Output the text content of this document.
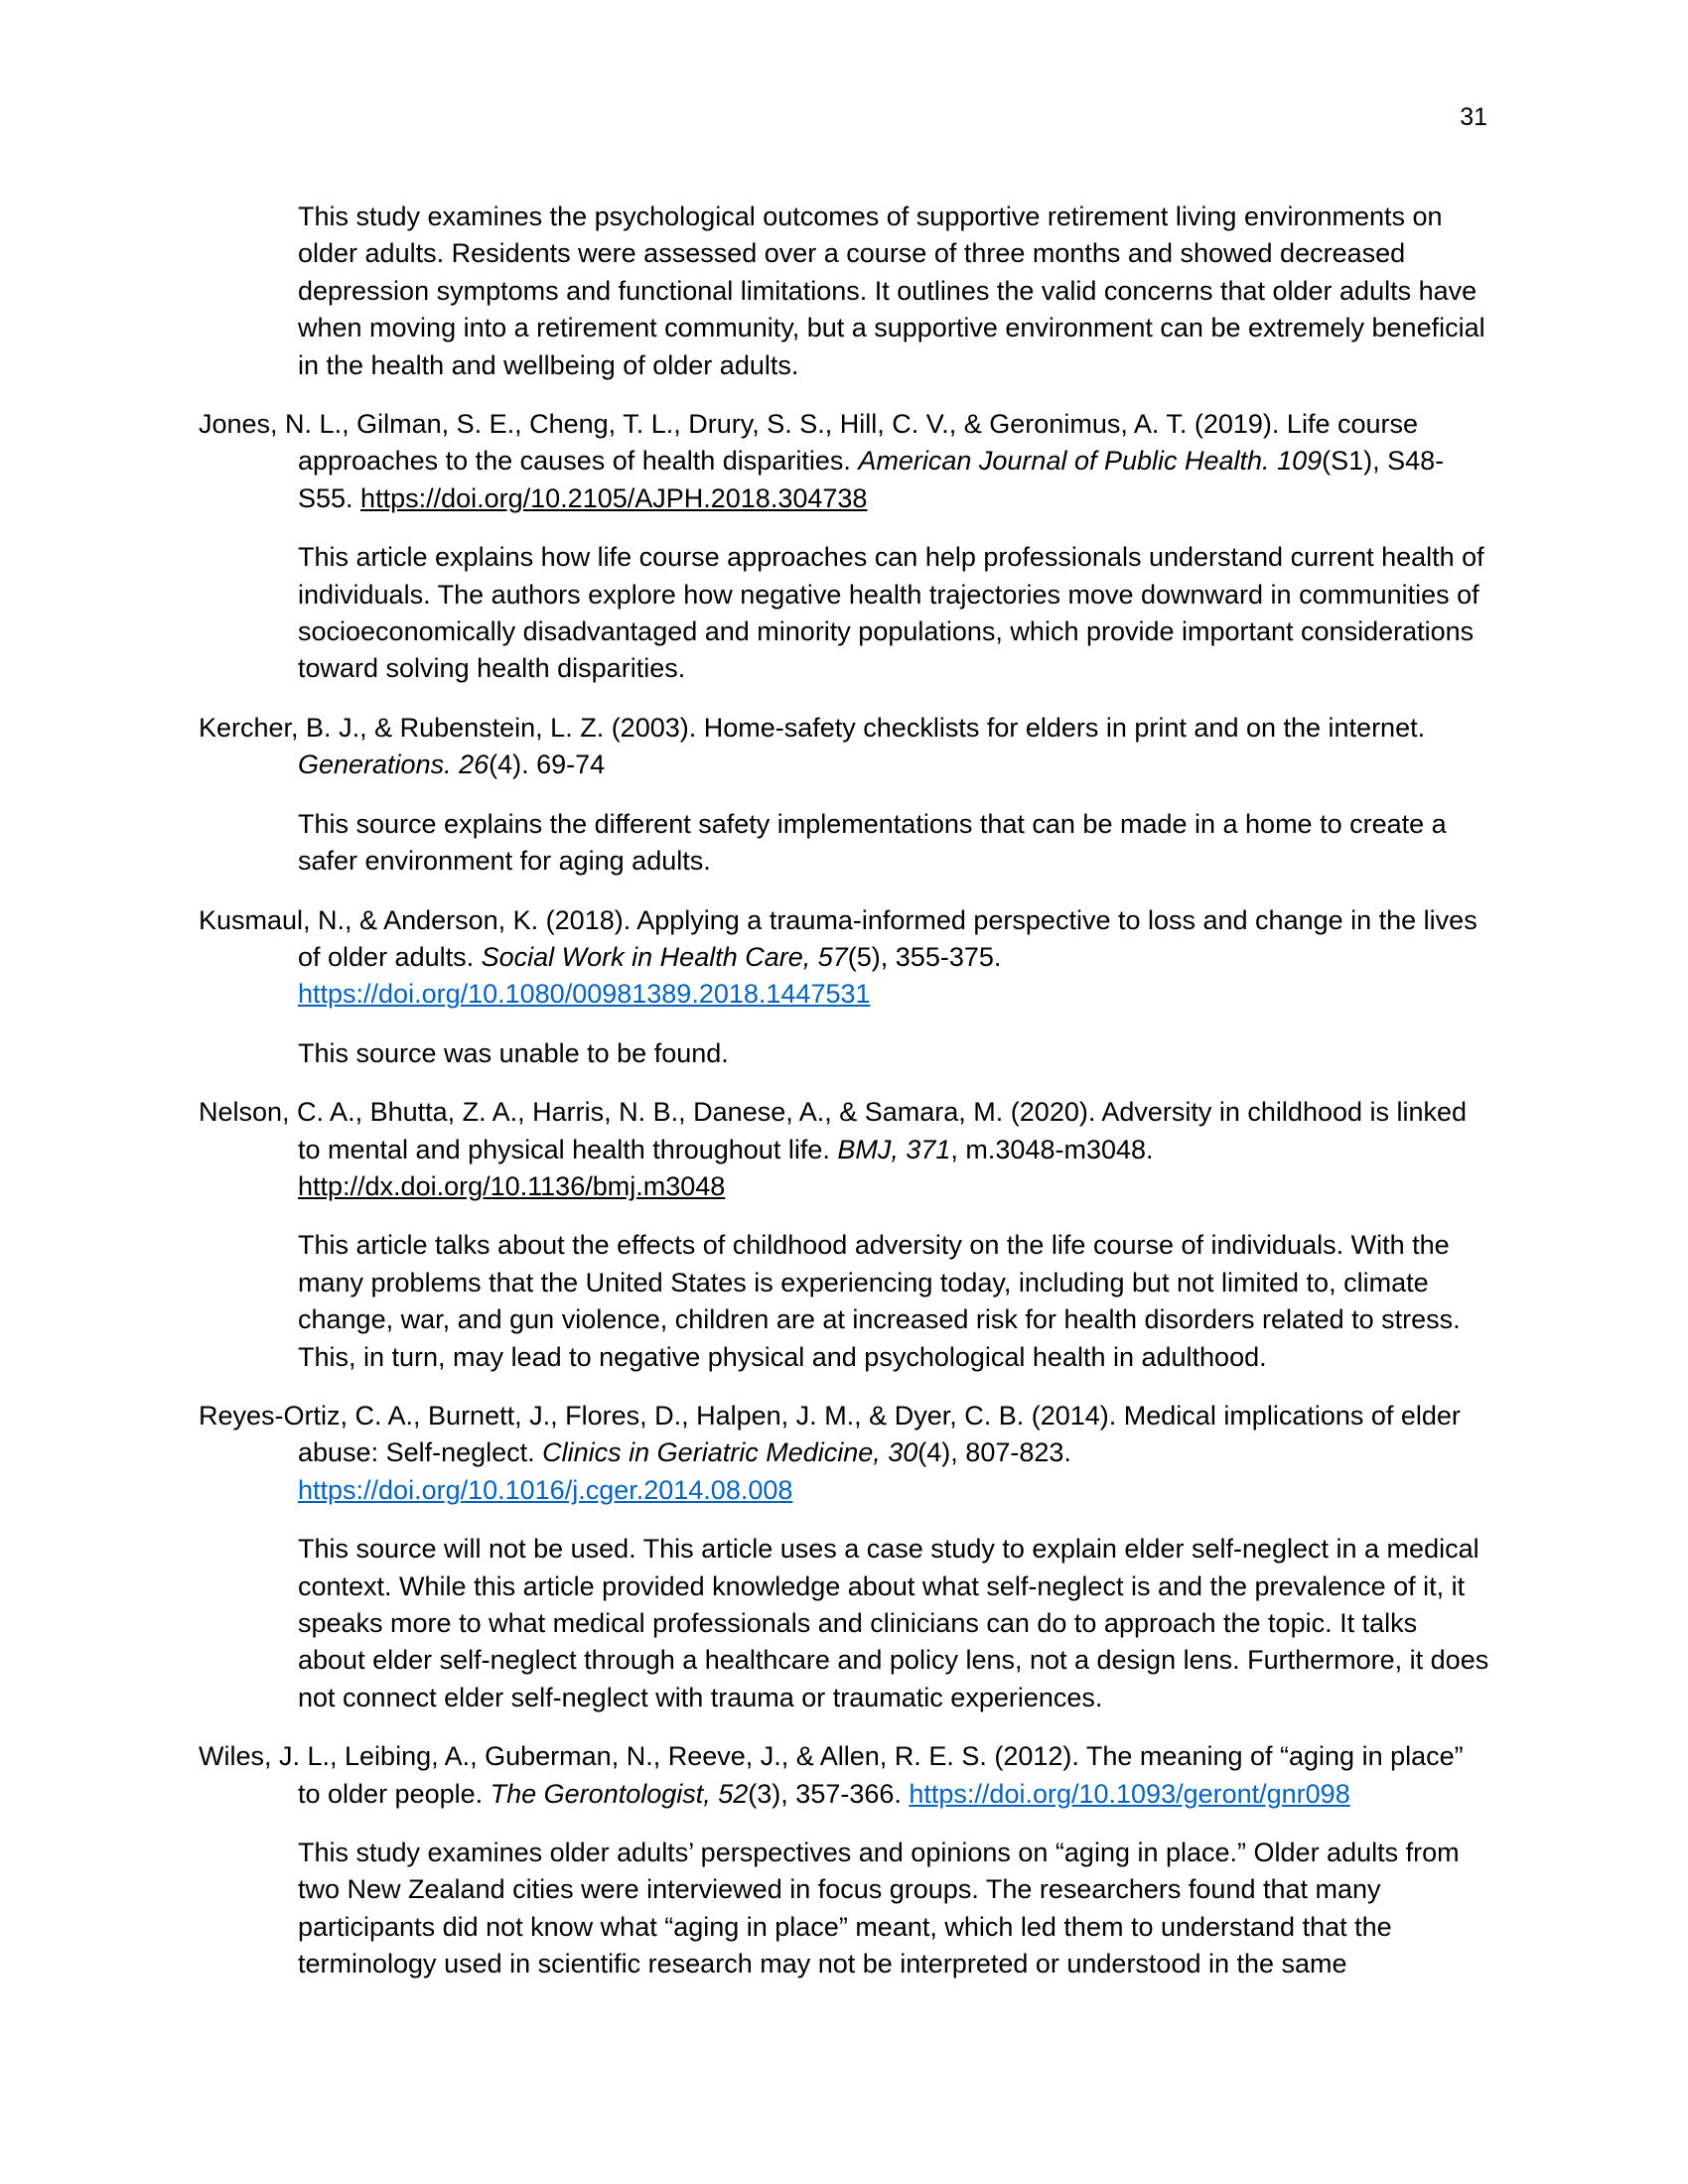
31

This study examines the psychological outcomes of supportive retirement living environments on older adults. Residents were assessed over a course of three months and showed decreased depression symptoms and functional limitations. It outlines the valid concerns that older adults have when moving into a retirement community, but a supportive environment can be extremely beneficial in the health and wellbeing of older adults.

Jones, N. L., Gilman, S. E., Cheng, T. L., Drury, S. S., Hill, C. V., & Geronimus, A. T. (2019). Life course approaches to the causes of health disparities. American Journal of Public Health. 109(S1), S48-S55. https://doi.org/10.2105/AJPH.2018.304738

This article explains how life course approaches can help professionals understand current health of individuals. The authors explore how negative health trajectories move downward in communities of socioeconomically disadvantaged and minority populations, which provide important considerations toward solving health disparities.

Kercher, B. J., & Rubenstein, L. Z. (2003). Home-safety checklists for elders in print and on the internet. Generations. 26(4). 69-74

This source explains the different safety implementations that can be made in a home to create a safer environment for aging adults.

Kusmaul, N., & Anderson, K. (2018). Applying a trauma-informed perspective to loss and change in the lives of older adults. Social Work in Health Care, 57(5), 355-375. https://doi.org/10.1080/00981389.2018.1447531

This source was unable to be found.

Nelson, C. A., Bhutta, Z. A., Harris, N. B., Danese, A., & Samara, M. (2020). Adversity in childhood is linked to mental and physical health throughout life. BMJ, 371, m.3048-m3048. http://dx.doi.org/10.1136/bmj.m3048

This article talks about the effects of childhood adversity on the life course of individuals. With the many problems that the United States is experiencing today, including but not limited to, climate change, war, and gun violence, children are at increased risk for health disorders related to stress. This, in turn, may lead to negative physical and psychological health in adulthood.

Reyes-Ortiz, C. A., Burnett, J., Flores, D., Halpen, J. M., & Dyer, C. B. (2014). Medical implications of elder abuse: Self-neglect. Clinics in Geriatric Medicine, 30(4), 807-823. https://doi.org/10.1016/j.cger.2014.08.008

This source will not be used. This article uses a case study to explain elder self-neglect in a medical context. While this article provided knowledge about what self-neglect is and the prevalence of it, it speaks more to what medical professionals and clinicians can do to approach the topic. It talks about elder self-neglect through a healthcare and policy lens, not a design lens. Furthermore, it does not connect elder self-neglect with trauma or traumatic experiences.

Wiles, J. L., Leibing, A., Guberman, N., Reeve, J., & Allen, R. E. S. (2012). The meaning of “aging in place” to older people. The Gerontologist, 52(3), 357-366. https://doi.org/10.1093/geront/gnr098

This study examines older adults’ perspectives and opinions on “aging in place.” Older adults from two New Zealand cities were interviewed in focus groups. The researchers found that many participants did not know what “aging in place” meant, which led them to understand that the terminology used in scientific research may not be interpreted or understood in the same
